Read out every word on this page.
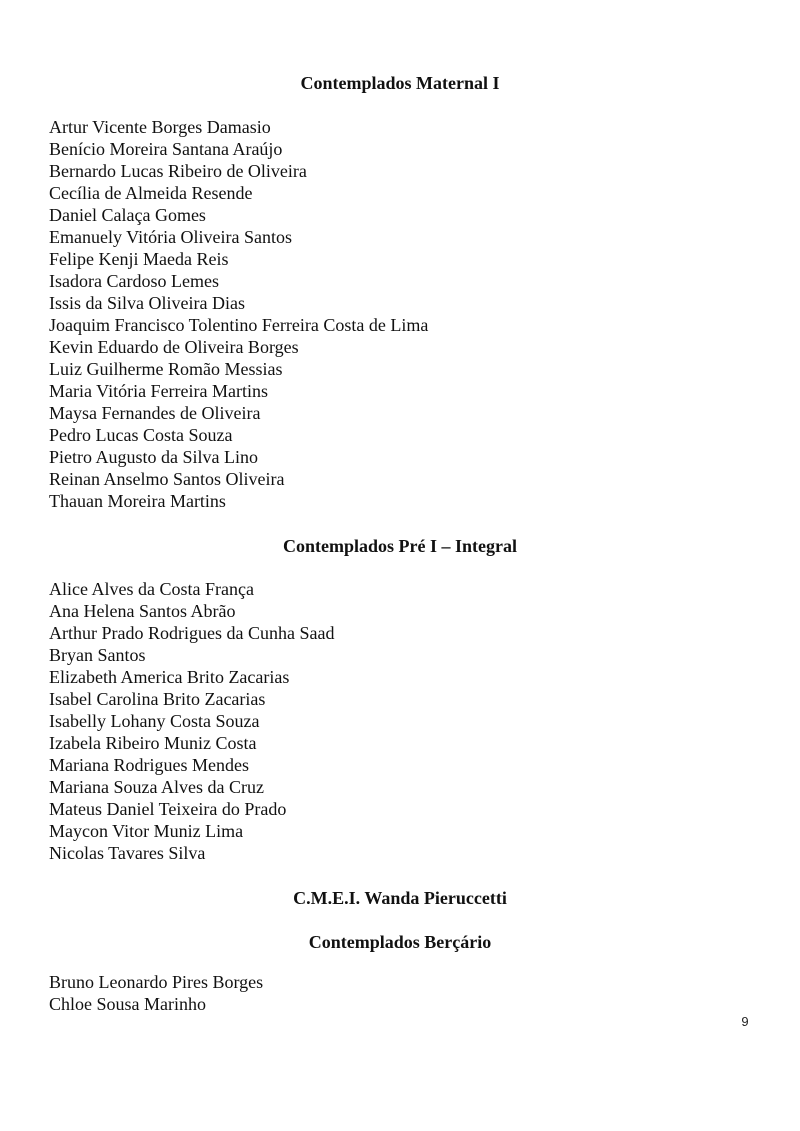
Contemplados Maternal I
Artur Vicente Borges Damasio
Benício Moreira Santana Araújo
Bernardo Lucas Ribeiro de Oliveira
Cecília de Almeida Resende
Daniel Calaça Gomes
Emanuely Vitória Oliveira Santos
Felipe Kenji Maeda Reis
Isadora Cardoso Lemes
Issis da Silva Oliveira Dias
Joaquim Francisco Tolentino Ferreira Costa de Lima
Kevin Eduardo de Oliveira Borges
Luiz Guilherme Romão Messias
Maria Vitória Ferreira Martins
Maysa Fernandes de Oliveira
Pedro Lucas Costa Souza
Pietro Augusto da Silva Lino
Reinan Anselmo Santos Oliveira
Thauan Moreira Martins
Contemplados Pré I – Integral
Alice Alves da Costa França
Ana Helena Santos Abrão
Arthur Prado Rodrigues da Cunha Saad
Bryan Santos
Elizabeth America Brito Zacarias
Isabel Carolina Brito Zacarias
Isabelly Lohany Costa Souza
Izabela Ribeiro Muniz Costa
Mariana Rodrigues Mendes
Mariana Souza Alves da Cruz
Mateus Daniel Teixeira do Prado
Maycon Vitor Muniz Lima
Nicolas Tavares Silva
C.M.E.I. Wanda Pieruccetti
Contemplados Berçário
Bruno Leonardo Pires Borges
Chloe Sousa Marinho
9
